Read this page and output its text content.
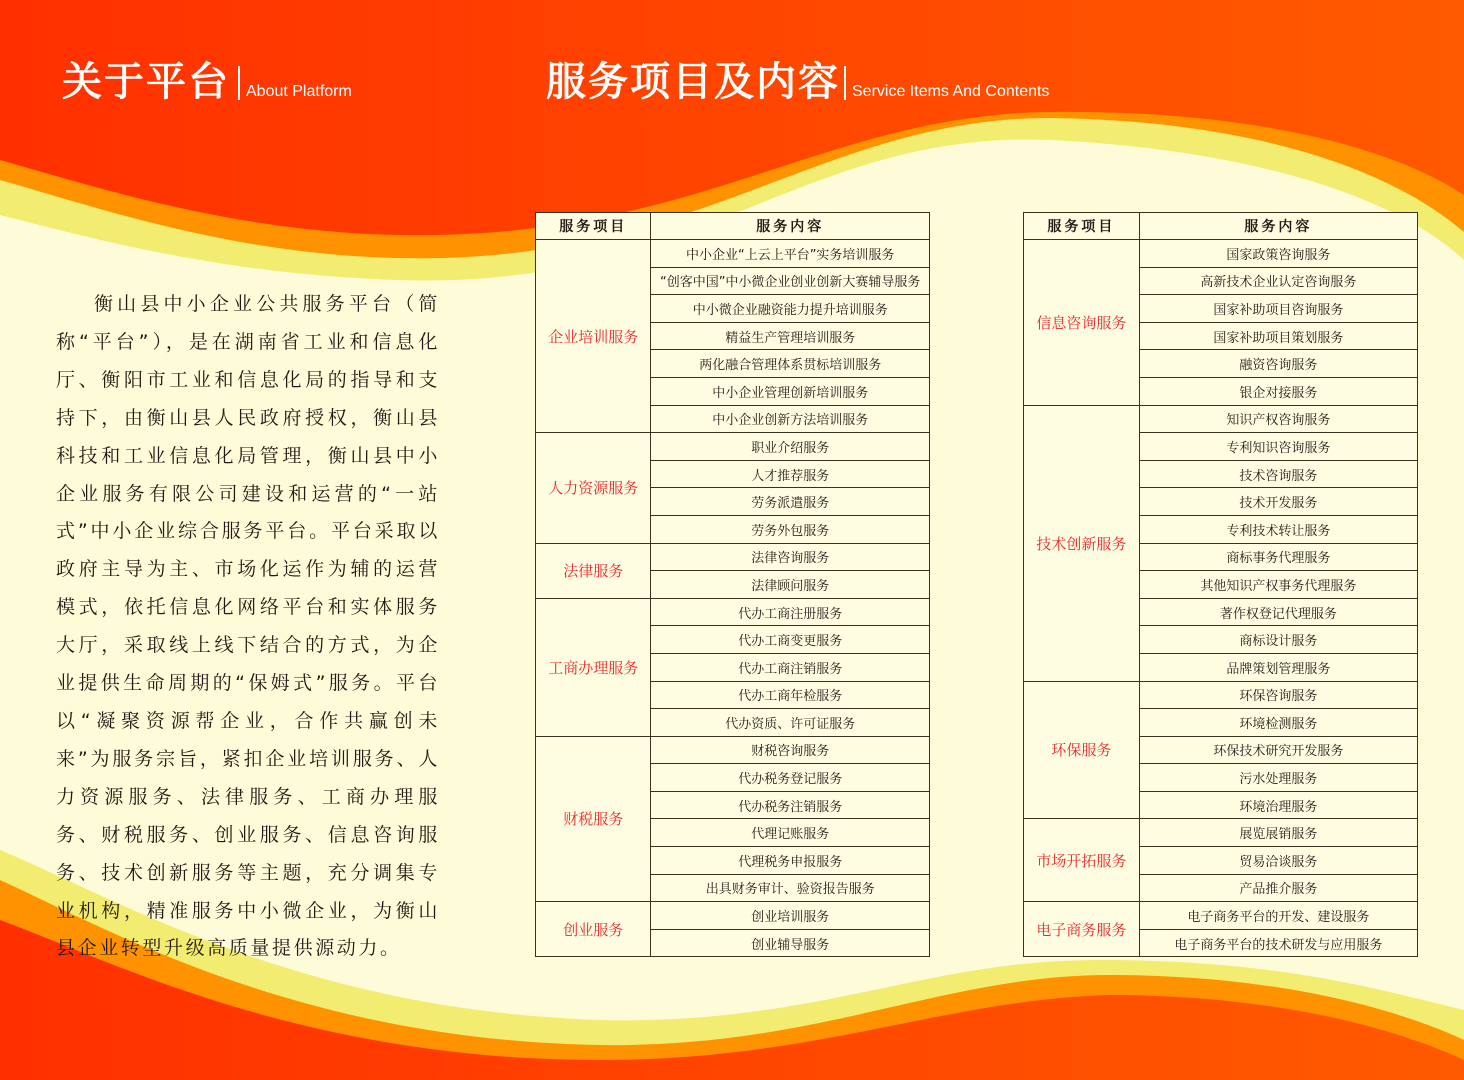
关于平台 About Platform	服务项目及内容 Service Items And Contents

衡山县中小企业公共服务平台（简称“平台”），是在湖南省工业和信息化厅、衡阳市工业和信息化局的指导和支持下，由衡山县人民政府授权，衡山县科技和工业信息化局管理，衡山县中小企业服务有限公司建设和运营的“一站式”中小企业综合服务平台。平台采取以政府主导为主、市场化运作为辅的运营模式，依托信息化网络平台和实体服务大厅，采取线上线下结合的方式，为企业提供生命周期的“保姆式”服务。平台以“凝聚资源帮企业，合作共赢创未来”为服务宗旨，紧扣企业培训服务、人力资源服务、法律服务、工商办理服务、财税服务、创业服务、信息咨询服务、技术创新服务等主题，充分调集专业机构，精准服务中小微企业，为衡山县企业转型升级高质量提供源动力。

服务项目	服务内容
企业培训服务	中小企业“上云上平台”实务培训服务
	“创客中国”中小微企业创业创新大赛辅导服务
	中小微企业融资能力提升培训服务
	精益生产管理培训服务
	两化融合管理体系贯标培训服务
	中小企业管理创新培训服务
	中小企业创新方法培训服务
人力资源服务	职业介绍服务
	人才推荐服务
	劳务派遣服务
	劳务外包服务
法律服务	法律咨询服务
	法律顾问服务
工商办理服务	代办工商注册服务
	代办工商变更服务
	代办工商注销服务
	代办工商年检服务
	代办资质、许可证服务
财税服务	财税咨询服务
	代办税务登记服务
	代办税务注销服务
	代理记账服务
	代理税务申报服务
	出具财务审计、验资报告服务
创业服务	创业培训服务
	创业辅导服务
服务项目	服务内容
信息咨询服务	国家政策咨询服务
	高新技术企业认定咨询服务
	国家补助项目咨询服务
	国家补助项目策划服务
	融资咨询服务
	银企对接服务
技术创新服务	知识产权咨询服务
	专利知识咨询服务
	技术咨询服务
	技术开发服务
	专利技术转让服务
	商标事务代理服务
	其他知识产权事务代理服务
	著作权登记代理服务
	商标设计服务
	品牌策划管理服务
环保服务	环保咨询服务
	环境检测服务
	环保技术研究开发服务
	污水处理服务
	环境治理服务
市场开拓服务	展览展销服务
	贸易洽谈服务
	产品推介服务
电子商务服务	电子商务平台的开发、建设服务
	电子商务平台的技术研发与应用服务
